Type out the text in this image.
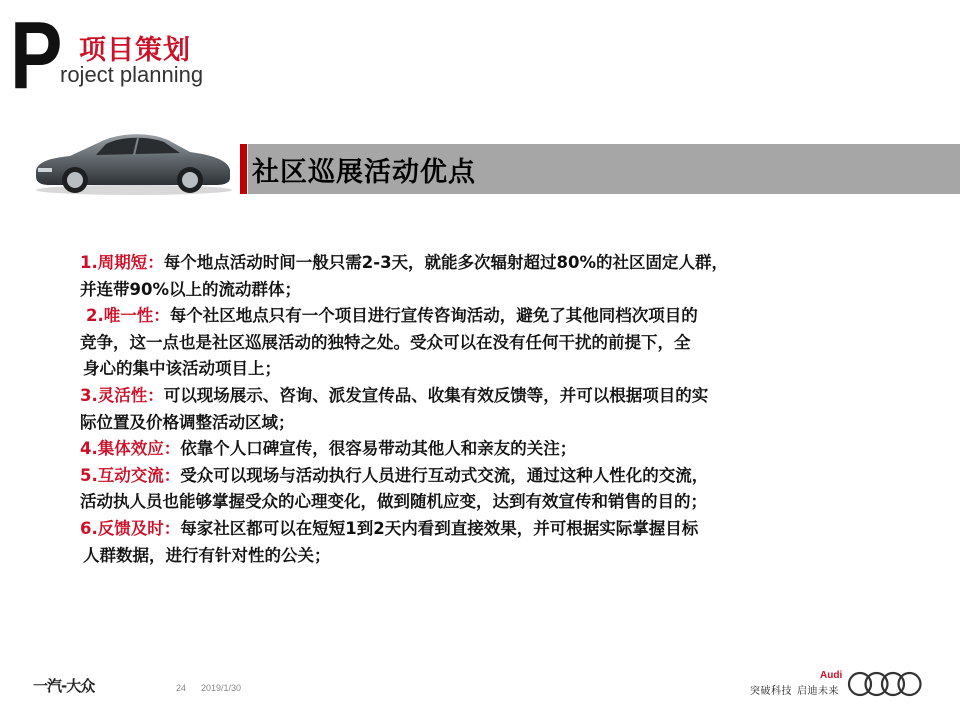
P 项目策划
roject planning
社区巡展活动优点
1.周期短：每个地点活动时间一般只需2-3天，就能多次辐射超过80%的社区固定人群，
并连带90%以上的流动群体；
2.唯一性：每个社区地点只有一个项目进行宣传咨询活动，避免了其他同档次项目的
竞争，这一点也是社区巡展活动的独特之处。受众可以在没有任何干扰的前提下，全
身心的集中该活动项目上；
3.灵活性：可以现场展示、咨询、派发宣传品、收集有效反馈等，并可以根据项目的实
际位置及价格调整活动区域；
4.集体效应：依靠个人口碑宣传，很容易带动其他人和亲友的关注；
5.互动交流：受众可以现场与活动执行人员进行互动式交流，通过这种人性化的交流，
活动执人员也能够掌握受众的心理变化，做到随机应变，达到有效宣传和销售的目的；
6.反馈及时：每家社区都可以在短短1到2天内看到直接效果，并可根据实际掌握目标
人群数据，进行有针对性的公关；
一汽-大众	24 2019/1/30	突破科技
Audi
启迪未来
